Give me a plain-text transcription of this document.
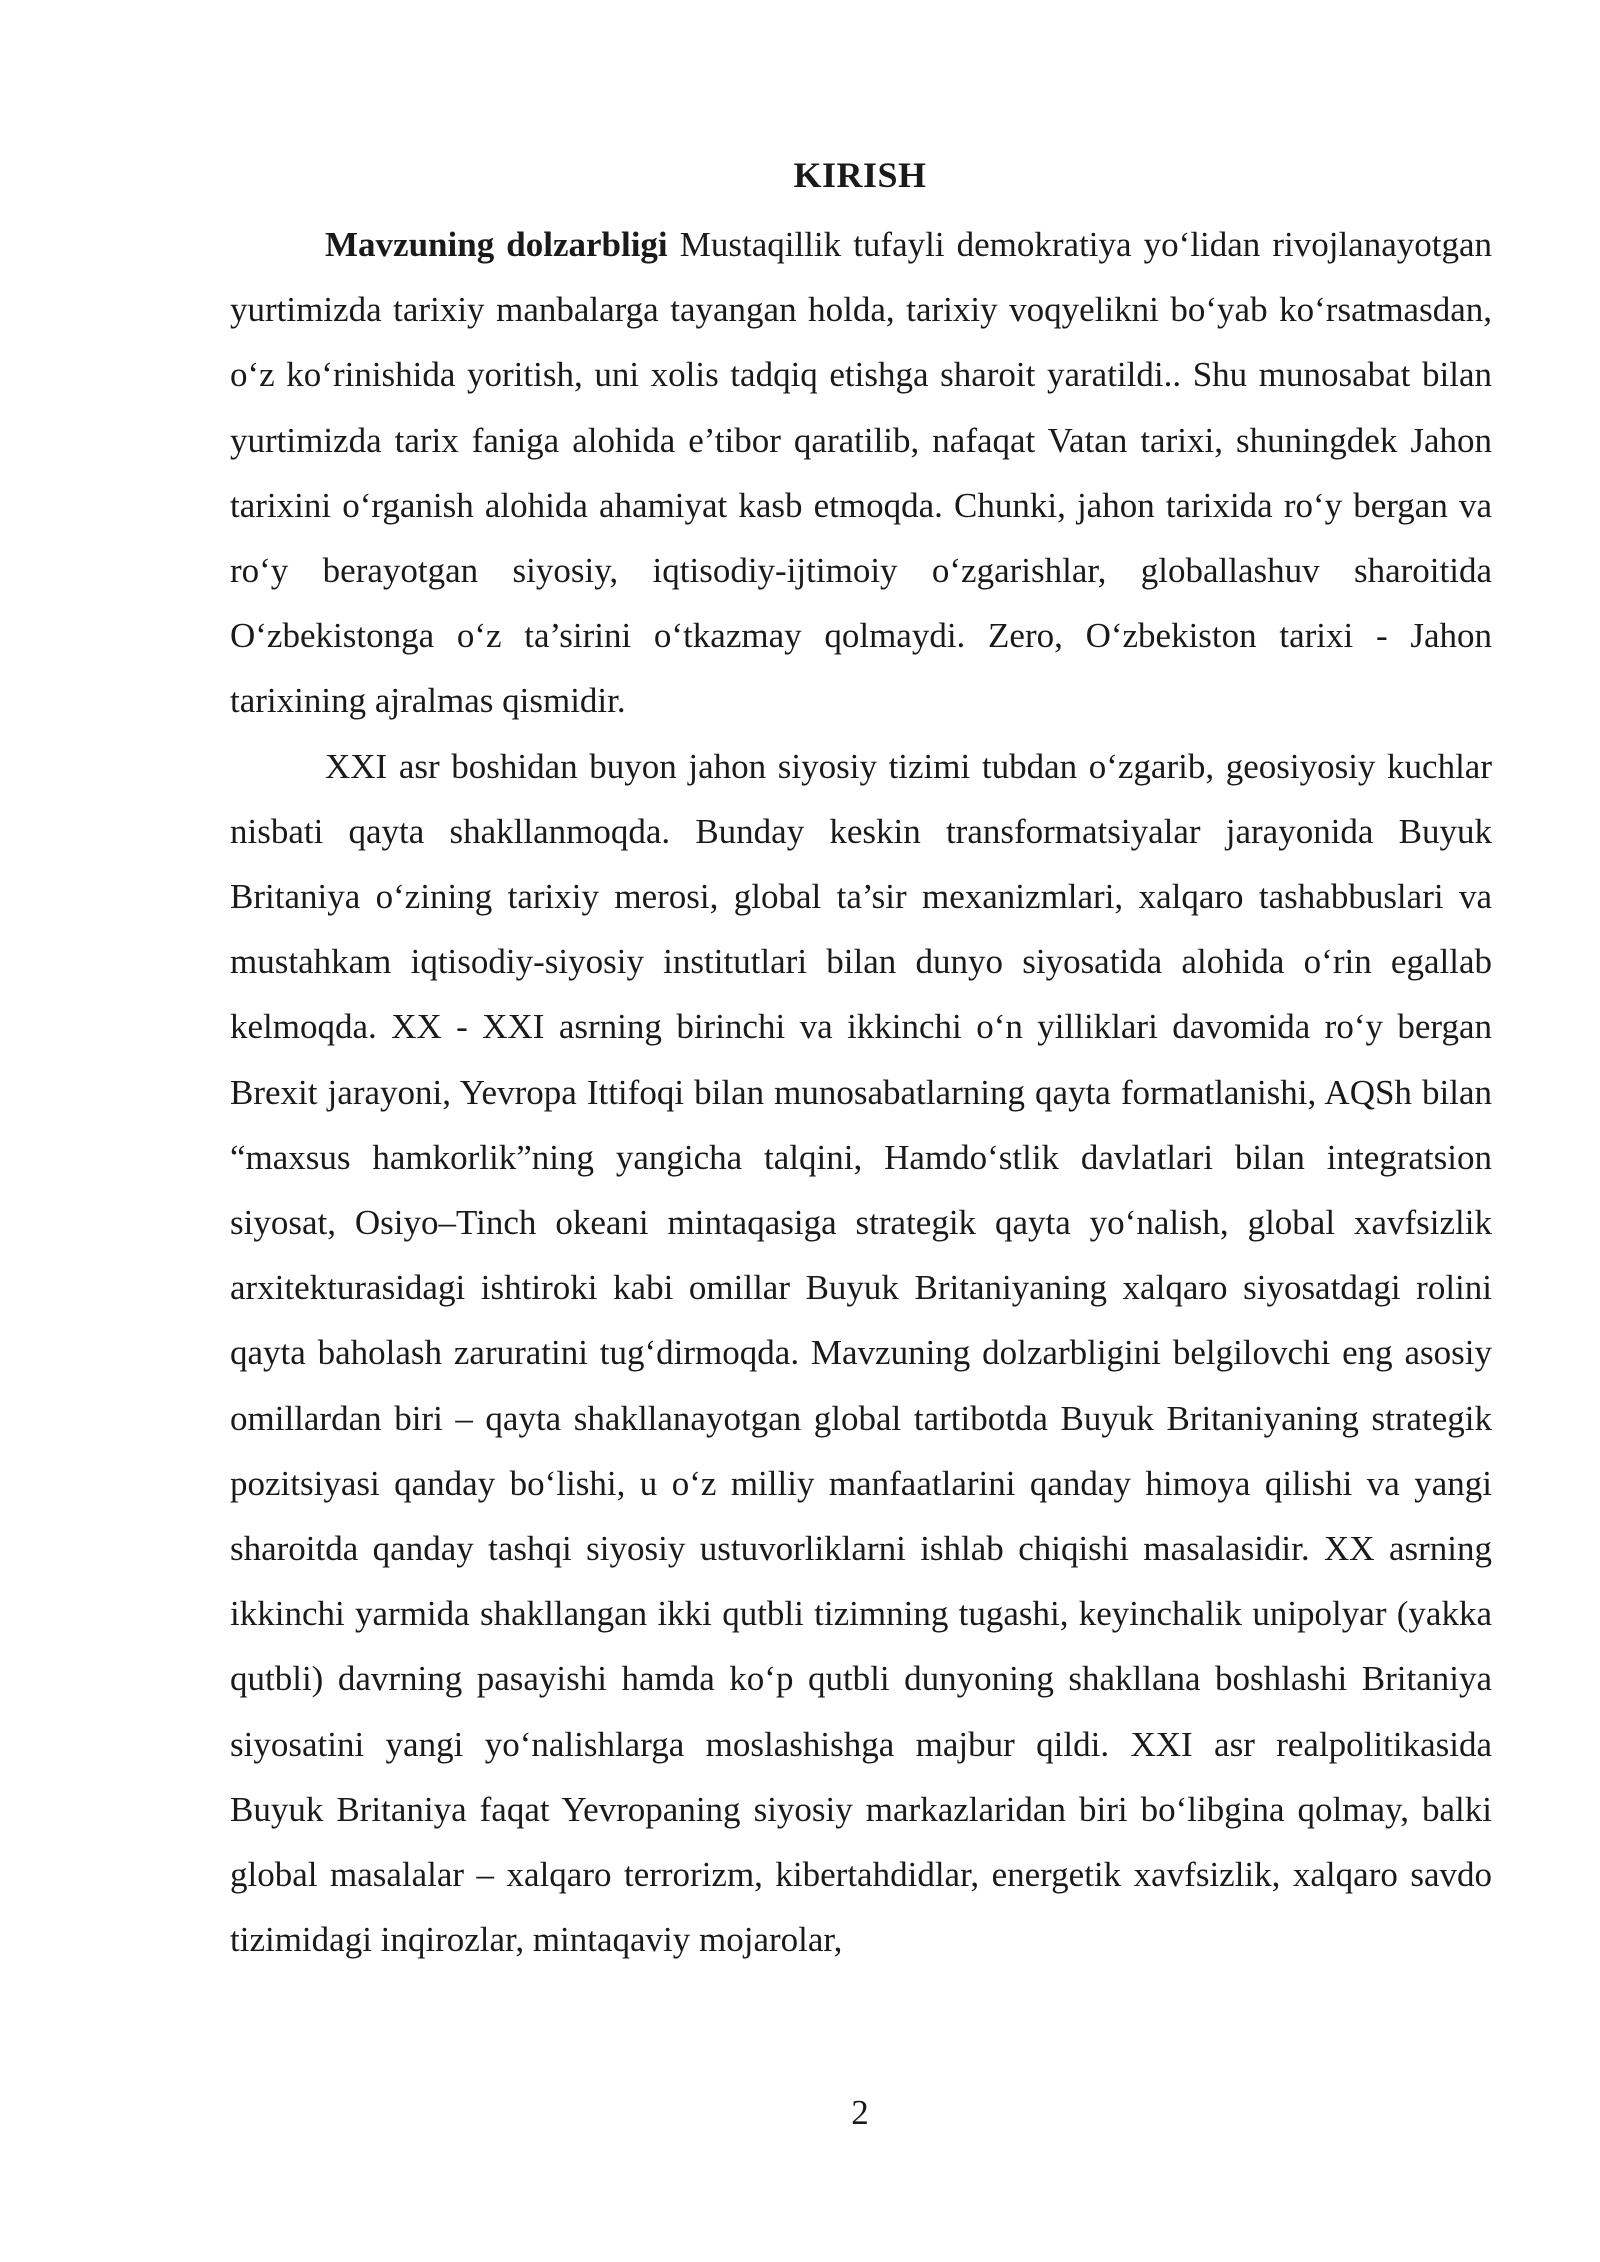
KIRISH

Mavzuning dolzarbligi Mustaqillik tufayli demokratiya yo‘lidan rivojlanayotgan yurtimizda tarixiy manbalarga tayangan holda, tarixiy voqyelikni bo‘yab ko‘rsatmasdan, o‘z ko‘rinishida yoritish, uni xolis tadqiq etishga sharoit yaratildi.. Shu munosabat bilan yurtimizda tarix faniga alohida e’tibor qaratilib, nafaqat Vatan tarixi, shuningdek Jahon tarixini o‘rganish alohida ahamiyat kasb etmoqda. Chunki, jahon tarixida ro‘y bergan va ro‘y berayotgan siyosiy, iqtisodiy-ijtimoiy o‘zgarishlar, globallashuv sharoitida O‘zbekistonga o‘z ta’sirini o‘tkazmay qolmaydi. Zero, O‘zbekiston tarixi - Jahon tarixining ajralmas qismidir.

XXI asr boshidan buyon jahon siyosiy tizimi tubdan o‘zgarib, geosiyosiy kuchlar nisbati qayta shakllanmoqda. Bunday keskin transformatsiyalar jarayonida Buyuk Britaniya o‘zining tarixiy merosi, global ta’sir mexanizmlari, xalqaro tashabbuslari va mustahkam iqtisodiy-siyosiy institutlari bilan dunyo siyosatida alohida o‘rin egallab kelmoqda. XX - XXI asrning birinchi va ikkinchi o‘n yilliklari davomida ro‘y bergan Brexit jarayoni, Yevropa Ittifoqi bilan munosabatlarning qayta formatlanishi, AQSh bilan “maxsus hamkorlik”ning yangicha talqini, Hamdo‘stlik davlatlari bilan integratsion siyosat, Osiyo–Tinch okeani mintaqasiga strategik qayta yo‘nalish, global xavfsizlik arxitekturasidagi ishtiroki kabi omillar Buyuk Britaniyaning xalqaro siyosatdagi rolini qayta baholash zaruratini tug‘dirmoqda. Mavzuning dolzarbligini belgilovchi eng asosiy omillardan biri – qayta shakllanayotgan global tartibotda Buyuk Britaniyaning strategik pozitsiyasi qanday bo‘lishi, u o‘z milliy manfaatlarini qanday himoya qilishi va yangi sharoitda qanday tashqi siyosiy ustuvorliklarni ishlab chiqishi masalasidir. XX asrning ikkinchi yarmida shakllangan ikki qutbli tizimning tugashi, keyinchalik unipolyar (yakka qutbli) davrning pasayishi hamda ko‘p qutbli dunyoning shakllana boshlashi Britaniya siyosatini yangi yo‘nalishlarga moslashishga majbur qildi. XXI asr realpolitikasida Buyuk Britaniya faqat Yevropaning siyosiy markazlaridan biri bo‘libgina qolmay, balki global masalalar – xalqaro terrorizm, kibertahdidlar, energetik xavfsizlik, xalqaro savdo tizimidagi inqirozlar, mintaqaviy mojarolar,

2
